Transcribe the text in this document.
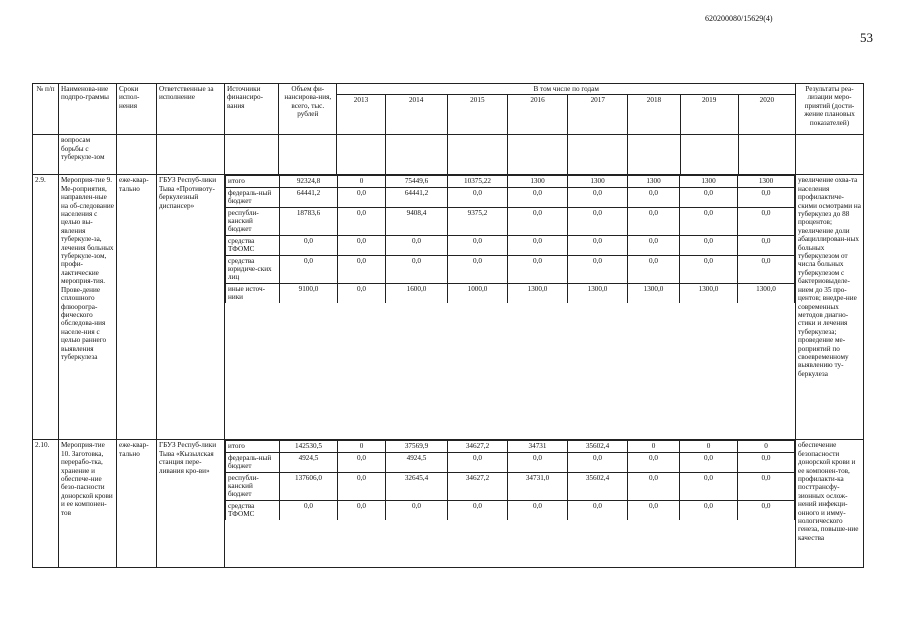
620200080/15629(4)
53
№ п/п	Наименова-ние подпро-граммы	Сроки испол-нения	Ответственные за исполнение	Источники финансиро-вания	Объем фи-нансирова-ния, всего, тыс. рублей	В том числе по годам	Результаты реа-лизации меро-приятий (дости-жение плановых показателей)
2013	2014	2015	2016	2017	2018	2019	2020
	вопросам борьбы с туберкуле-зом													
2.9.	Мероприя-тие 9. Ме-роприятия, направлен-ные на об-следование населения с целью вы-явления туберкуле-за, лечения больных туберкуле-зом, профи-лактические мероприя-тия. Прове-дение сплошного флюорогра-фического обследова-ния населе-ния с целью раннего выявления туберкулеза	еже-квар-тально	ГБУЗ Респуб-лики Тыва «Противоту-беркулезный диспансер»	
итого	92324,8	0	75449,6	10375,22	1300	1300	1300	1300	1300
федераль-ный бюджет	64441,2	0,0	64441,2	0,0	0,0	0,0	0,0	0,0	0,0
республи-канский бюджет	18783,6	0,0	9408,4	9375,2	0,0	0,0	0,0	0,0	0,0
средства ТФОМС	0,0	0,0	0,0	0,0	0,0	0,0	0,0	0,0	0,0
средства юридиче-ских лиц	0,0	0,0	0,0	0,0	0,0	0,0	0,0	0,0	0,0
иные источ-ники	9100,0	0,0	1600,0	1000,0	1300,0	1300,0	1300,0	1300,0	1300,0
	увеличение охва-та населения профилактиче-скими осмотрами на туберкулез до 88 процентов; увеличение доли абациллирован-ных больных туберкулезом от числа больных туберкулезом с бактериовыделе-нием до 35 про-центов; внедре-ние современных методов диагно-стики и лечения туберкулеза; проведение ме-роприятий по своевременному выявлению ту-беркулеза
2.10.	Мероприя-тие 10. Заготовка, перерабо-тка, хранение и обеспече-ние безо-пасности донорской крови и ее компонен-тов	еже-квар-тально	ГБУЗ Респуб-лики Тыва «Кызылская станция пере-ливания кро-ви»	
итого	142530,5	0	37569,9	34627,2	34731	35602,4	0	0	0
федераль-ный бюджет	4924,5	0,0	4924,5	0,0	0,0	0,0	0,0	0,0	0,0
республи-канский бюджет	137606,0	0,0	32645,4	34627,2	34731,0	35602,4	0,0	0,0	0,0
средства ТФОМС	0,0	0,0	0,0	0,0	0,0	0,0	0,0	0,0	0,0
	обеспечение безопасности донорской крови и ее компонен-тов, профилакти-ка посттрансфу-зионных ослож-нений инфекци-онного и имму-нологического генеза, повыше-ние качества
